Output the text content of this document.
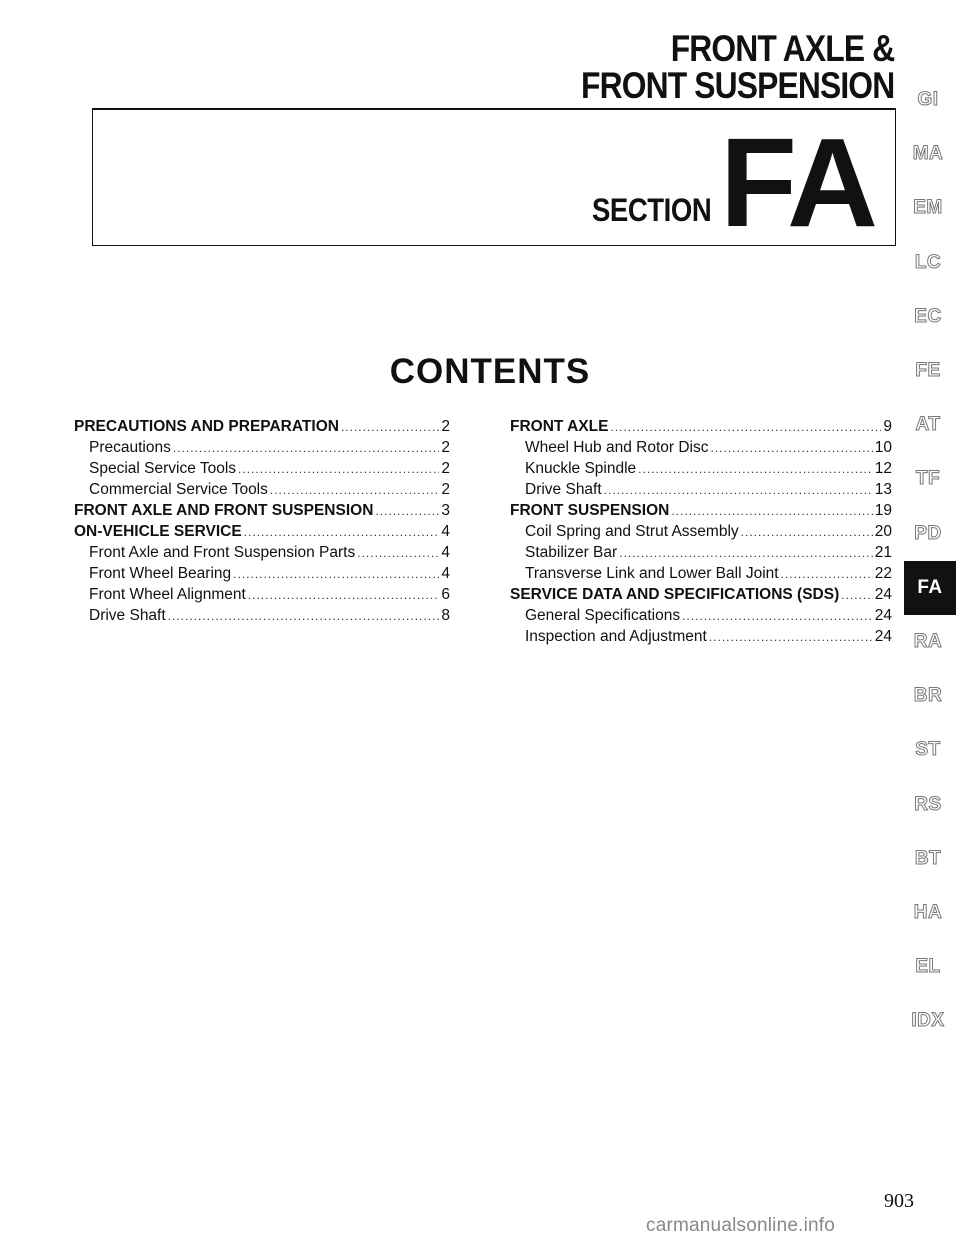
FRONT AXLE &
FRONT SUSPENSION
SECTION FA
CONTENTS
PRECAUTIONS AND PREPARATION .....	2
Precautions .....	2
Special Service Tools .....	2
Commercial Service Tools .....	2
FRONT AXLE AND FRONT SUSPENSION .....	3
ON-VEHICLE SERVICE .....	4
Front Axle and Front Suspension Parts .....	4
Front Wheel Bearing .....	4
Front Wheel Alignment .....	6
Drive Shaft .....	8
FRONT AXLE .....	9
Wheel Hub and Rotor Disc .....	10
Knuckle Spindle .....	12
Drive Shaft .....	13
FRONT SUSPENSION .....	19
Coil Spring and Strut Assembly .....	20
Stabilizer Bar .....	21
Transverse Link and Lower Ball Joint .....	22
SERVICE DATA AND SPECIFICATIONS (SDS) ..... 24
General Specifications .....	24
Inspection and Adjustment .....	24
GI
MA
EM
LC
EC
FE
AT
TF
PD
FA
RA
BR
ST
RS
BT
HA
EL
IDX
903
carmanualsonline.info
